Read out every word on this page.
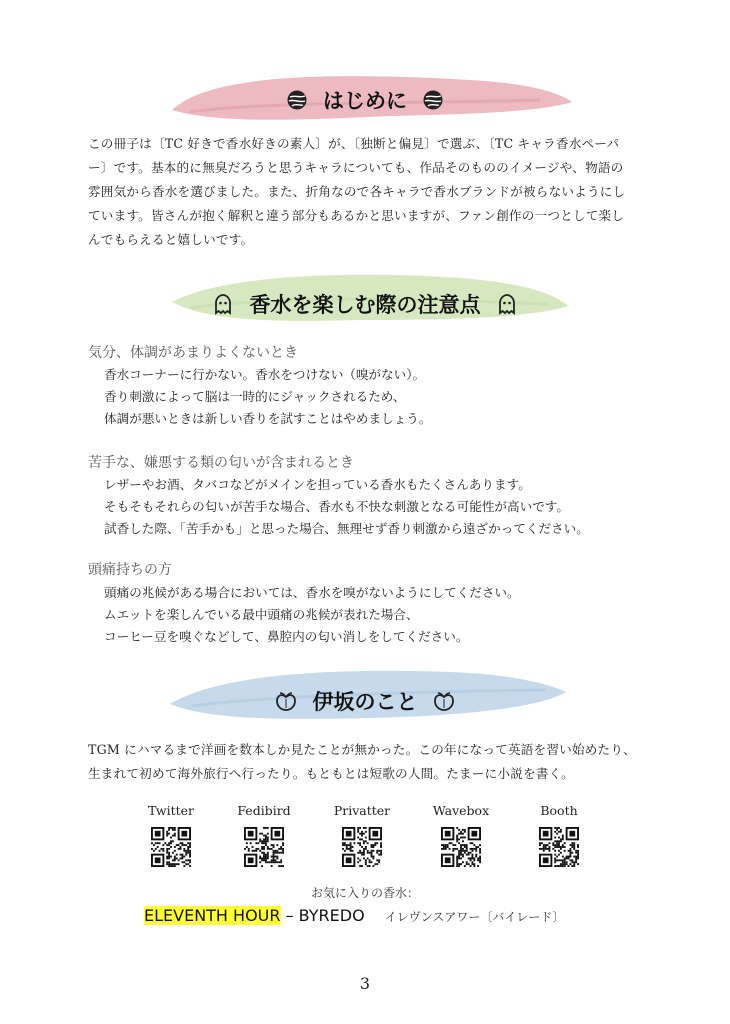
はじめに

この冊子は〔TC 好きで香水好きの素人〕が、〔独断と偏見〕で選ぶ、〔TC キャラ香水ペーパ

ー〕です。基本的に無臭だろうと思うキャラについても、作品そのもののイメージや、物語の

雰囲気から香水を選びました。また、折角なので各キャラで香水ブランドが被らないようにし

ています。皆さんが抱く解釈と違う部分もあるかと思いますが、ファン創作の一つとして楽し

んでもらえると嬉しいです。

香水を楽しむ際の注意点
気分、体調があまりよくないとき
香水コーナーに行かない。香水をつけない（嗅がない）。
香り刺激によって脳は一時的にジャックされるため、
体調が悪いときは新しい香りを試すことはやめましょう。
苦手な、嫌悪する類の匂いが含まれるとき
レザーやお酒、タバコなどがメインを担っている香水もたくさんあります。
そもそもそれらの匂いが苦手な場合、香水も不快な刺激となる可能性が高いです。
試香した際、「苦手かも」と思った場合、無理せず香り刺激から遠ざかってください。
頭痛持ちの方
頭痛の兆候がある場合においては、香水を嗅がないようにしてください。
ムエットを楽しんでいる最中頭痛の兆候が表れた場合、
コーヒー豆を嗅ぐなどして、鼻腔内の匂い消しをしてください。
伊坂のこと

TGM にハマるまで洋画を数本しか見たことが無かった。この年になって英語を習い始めたり、

生まれて初めて海外旅行へ行ったり。もともとは短歌の人間。たまーに小説を書く。

Twitter	Fedibird	Privatter	Wavebox	Booth
お気に入りの香水：
ELEVENTH HOUR – BYREDO イレヴンスアワー〔バイレード〕
3
